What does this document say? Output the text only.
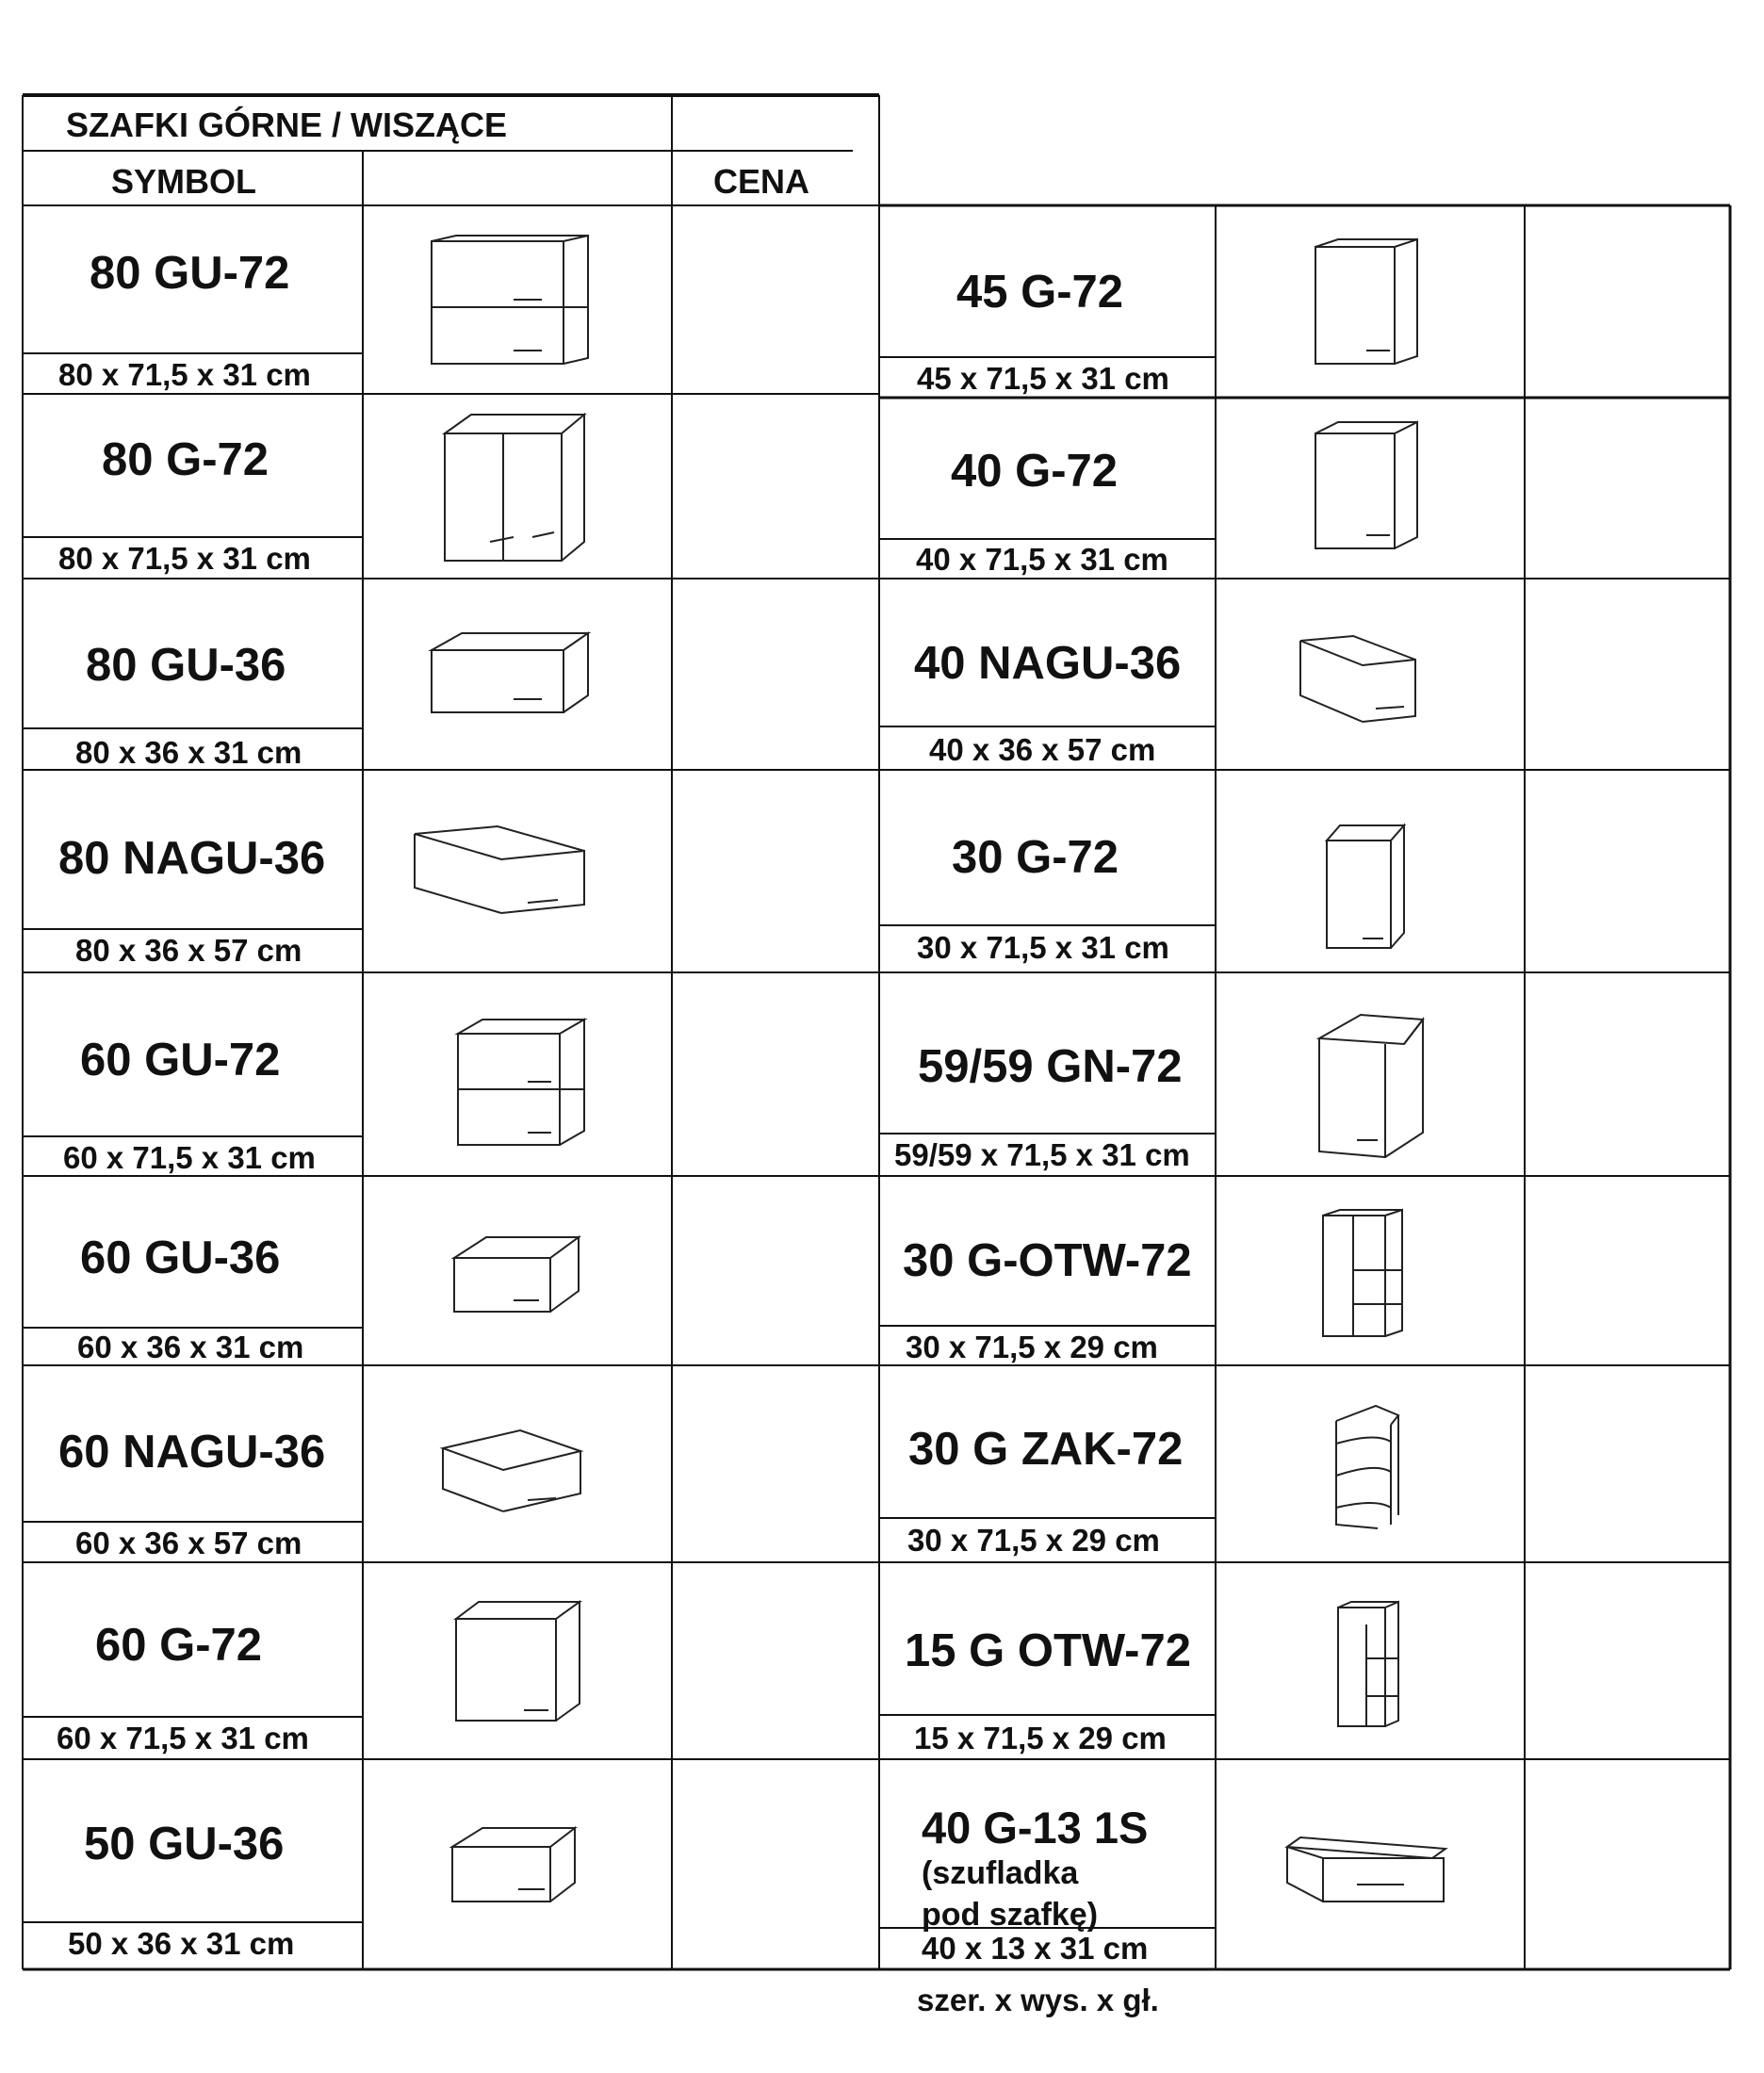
SZAFKI GÓRNE / WISZĄCE
SYMBOL	CENA
80 GU-72
80 x 71,5 x 31 cm
80 G-72
80 x 71,5 x 31 cm
80 GU-36
80 x 36 x 31 cm
80 NAGU-36
80 x 36 x 57 cm
60 GU-72
60 x 71,5 x 31 cm
60 GU-36
60 x 36 x 31 cm
60 NAGU-36
60 x 36 x 57 cm
60 G-72
60 x 71,5 x 31 cm
50 GU-36
50 x 36 x 31 cm
45 G-72
45 x 71,5 x 31 cm
40 G-72
40 x 71,5 x 31 cm
40 NAGU-36
40 x 36 x 57 cm
30 G-72
30 x 71,5 x 31 cm
59/59 GN-72
59/59 x 71,5 x 31 cm
30 G-OTW-72
30 x 71,5 x 29 cm
30 G ZAK-72
30 x 71,5 x 29 cm
15 G OTW-72
15 x 71,5 x 29 cm
40 G-13 1S
(szufladka
pod szafkę)
40 x 13 x 31 cm
szer. x wys. x gł.
